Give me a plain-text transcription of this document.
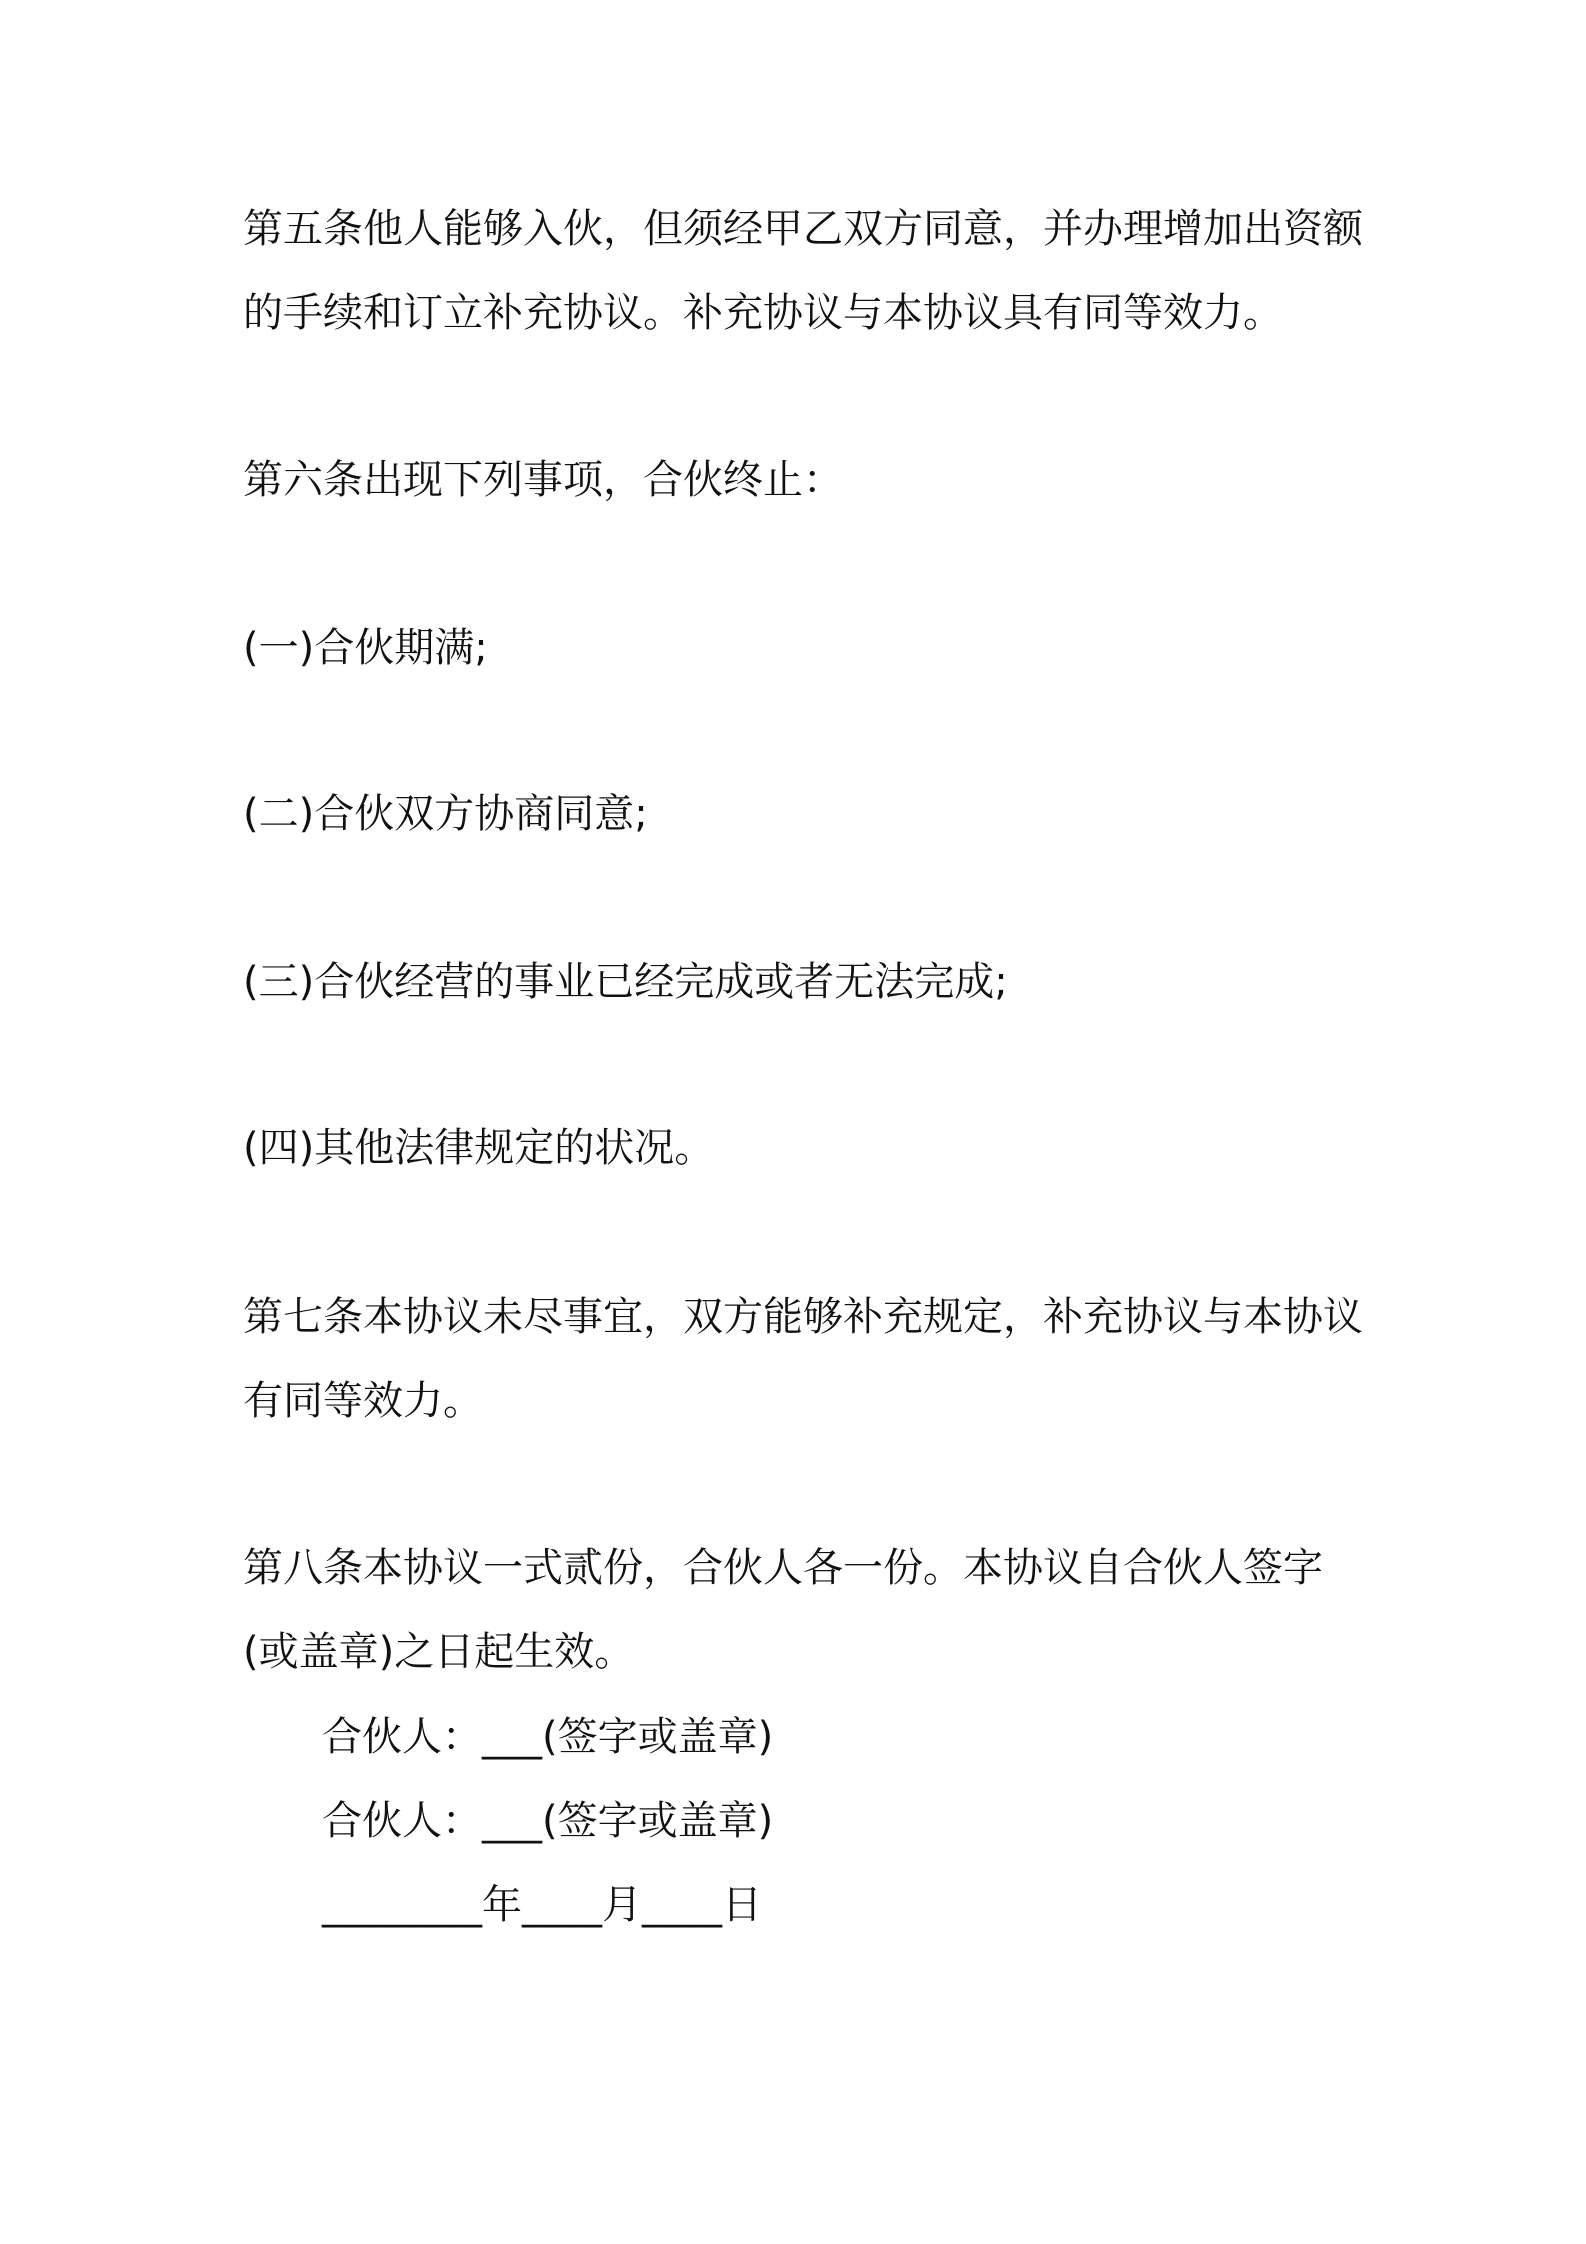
第五条他人能够入伙，但须经甲乙双方同意，并办理增加出资额的手续和订立补充协议。补充协议与本协议具有同等效力。

第六条出现下列事项，合伙终止：

(一)合伙期满;

(二)合伙双方协商同意;

(三)合伙经营的事业已经完成或者无法完成;

(四)其他法律规定的状况。

第七条本协议未尽事宜，双方能够补充规定，补充协议与本协议有同等效力。

第八条本协议一式贰份，合伙人各一份。本协议自合伙人签字(或盖章)之日起生效。

合伙人：___(签字或盖章)

合伙人：___(签字或盖章)

________年____月____日
